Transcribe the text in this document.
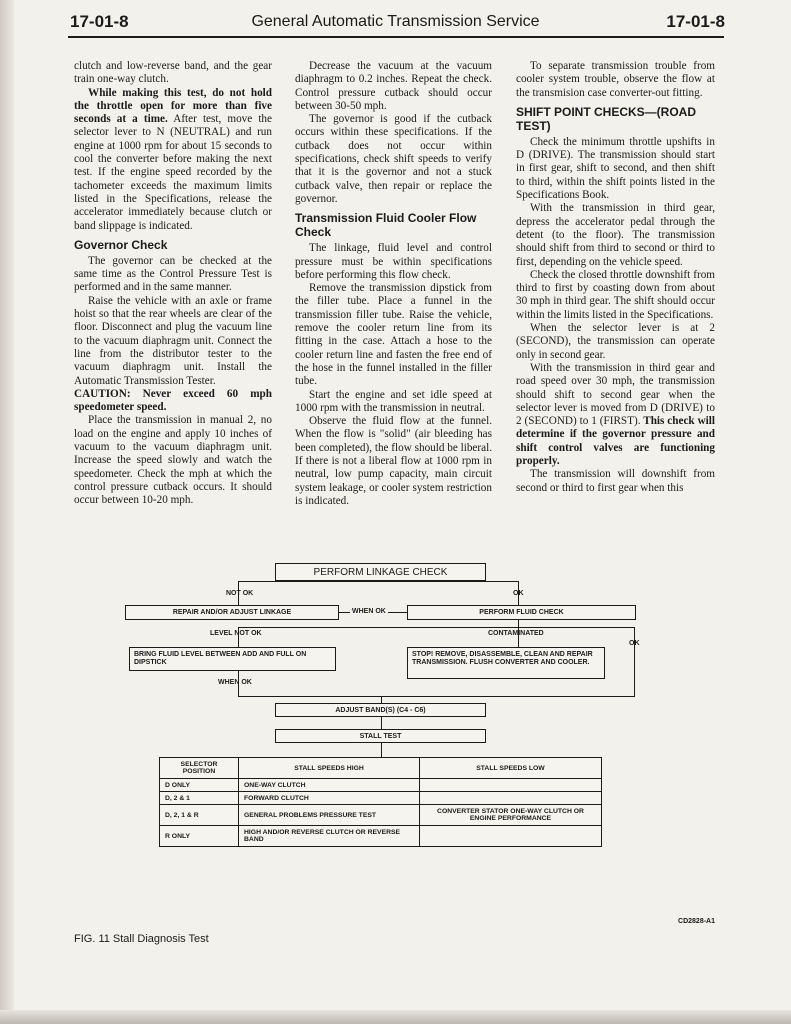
17-01-8	General Automatic Transmission Service	17-01-8

clutch and low-reverse band, and the gear train one-way clutch.

While making this test, do not hold the throttle open for more than five seconds at a time. After test, move the selector lever to N (NEUTRAL) and run engine at 1000 rpm for about 15 seconds to cool the converter before making the next test. If the engine speed recorded by the tachometer exceeds the maximum limits listed in the Specifications, release the accelerator immediately because clutch or band slippage is indicated.

Governor Check

The governor can be checked at the same time as the Control Pressure Test is performed and in the same manner.

Raise the vehicle with an axle or frame hoist so that the rear wheels are clear of the floor. Disconnect and plug the vacuum line to the vacuum diaphragm unit. Connect the line from the distributor tester to the vacuum diaphragm unit. Install the Automatic Transmission Tester.

CAUTION: Never exceed 60 mph speedometer speed.

Place the transmission in manual 2, no load on the engine and apply 10 inches of vacuum to the vacuum diaphragm unit. Increase the speed slowly and watch the speedometer. Check the mph at which the control pressure cutback occurs. It should occur between 10-20 mph.

Decrease the vacuum at the vacuum diaphragm to 0.2 inches. Repeat the check. Control pressure cutback should occur between 30-50 mph.

The governor is good if the cutback occurs within these specifications. If the cutback does not occur within specifications, check shift speeds to verify that it is the governor and not a stuck cutback valve, then repair or replace the governor.

Transmission Fluid Cooler Flow Check

The linkage, fluid level and control pressure must be within specifications before performing this flow check.

Remove the transmission dipstick from the filler tube. Place a funnel in the transmission filler tube. Raise the vehicle, remove the cooler return line from its fitting in the case. Attach a hose to the cooler return line and fasten the free end of the hose in the funnel installed in the filler tube.

Start the engine and set idle speed at 1000 rpm with the transmission in neutral.

Observe the fluid flow at the funnel. When the flow is "solid" (air bleeding has been completed), the flow should be liberal. If there is not a liberal flow at 1000 rpm in neutral, low pump capacity, main circuit system leakage, or cooler system restriction is indicated.

To separate transmission trouble from cooler system trouble, observe the flow at the transmision case converter-out fitting.

SHIFT POINT CHECKS—(ROAD TEST)

Check the minimum throttle upshifts in D (DRIVE). The transmission should start in first gear, shift to second, and then shift to third, within the shift points listed in the Specifications Book.

With the transmission in third gear, depress the accelerator pedal through the detent (to the floor). The transmission should shift from third to second or third to first, depending on the vehicle speed.

Check the closed throttle downshift from third to first by coasting down from about 30 mph in third gear. The shift should occur within the limits listed in the Specifications.

When the selector lever is at 2 (SECOND), the transmission can operate only in second gear.

With the transmission in third gear and road speed over 30 mph, the transmission should shift to second gear when the selector lever is moved from D (DRIVE) to 2 (SECOND) to 1 (FIRST). This check will determine if the governor pressure and shift control valves are functioning properly.

The transmission will downshift from second or third to first gear when this

PERFORM LINKAGE CHECK
NOT OK	OK
REPAIR AND/OR ADJUST LINKAGE	WHEN OK	PERFORM FLUID CHECK
LEVEL NOT OK	CONTAMINATED
OK
BRING FLUID LEVEL BETWEEN ADD AND FULL ON DIPSTICK
STOP! REMOVE, DISASSEMBLE, CLEAN AND REPAIR TRANSMISSION. FLUSH CONVERTER AND COOLER.
WHEN OK
ADJUST BAND(S) (C4 - C6)
STALL TEST
SELECTOR POSITION	STALL SPEEDS HIGH	STALL SPEEDS LOW
D ONLY	ONE-WAY CLUTCH	
D, 2 & 1	FORWARD CLUTCH	
D, 2, 1 & R	GENERAL PROBLEMS PRESSURE TEST	CONVERTER STATOR ONE-WAY CLUTCH OR ENGINE PERFORMANCE
R ONLY	HIGH AND/OR REVERSE CLUTCH OR REVERSE BAND	
CD2828-A1
FIG. 11 Stall Diagnosis Test
